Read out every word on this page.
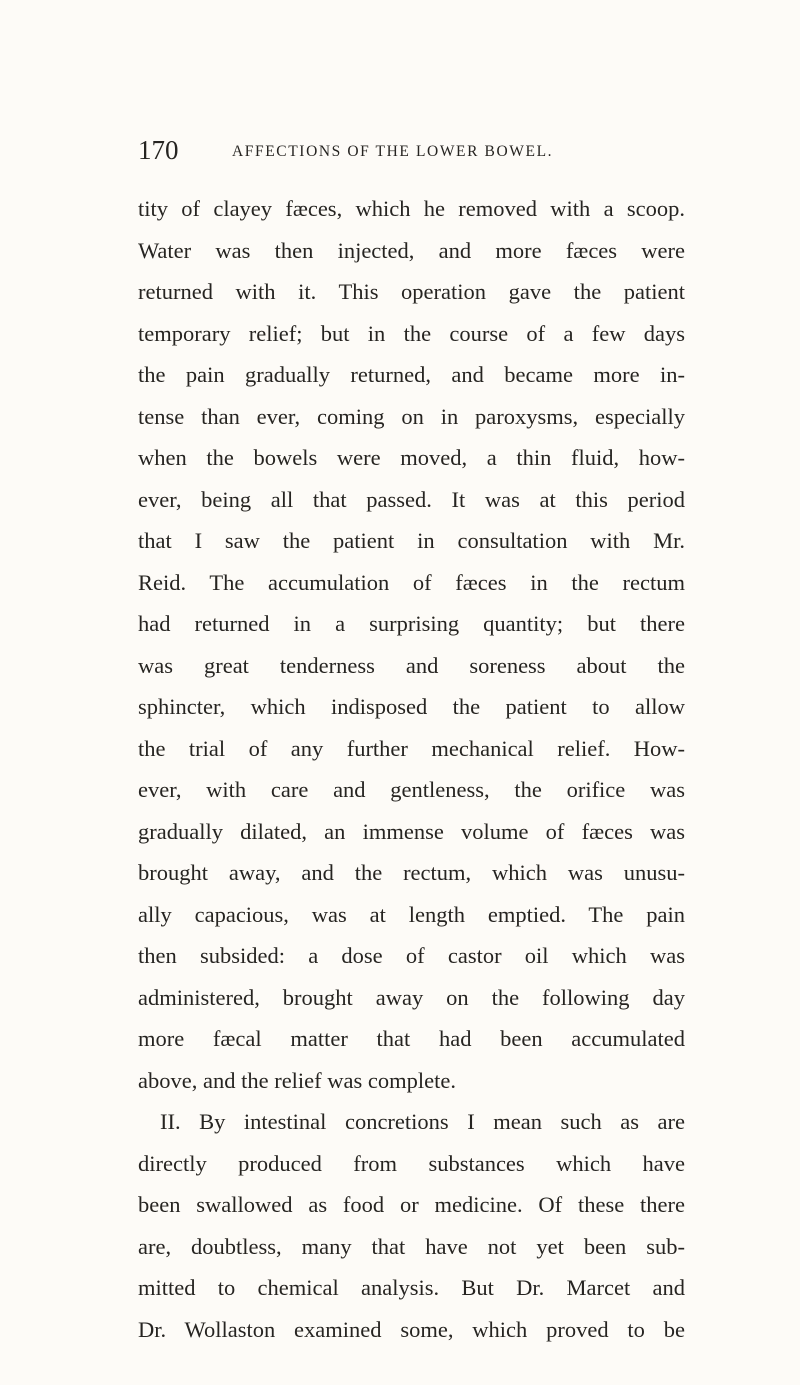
170	AFFECTIONS OF THE LOWER BOWEL.
tity of clayey fæces, which he removed with a scoop.
Water was then injected, and more fæces were
returned with it. This operation gave the patient
temporary relief; but in the course of a few days
the pain gradually returned, and became more in-
tense than ever, coming on in paroxysms, especially
when the bowels were moved, a thin fluid, how-
ever, being all that passed. It was at this period
that I saw the patient in consultation with Mr.
Reid. The accumulation of fæces in the rectum
had returned in a surprising quantity; but there
was great tenderness and soreness about the
sphincter, which indisposed the patient to allow
the trial of any further mechanical relief. How-
ever, with care and gentleness, the orifice was
gradually dilated, an immense volume of fæces was
brought away, and the rectum, which was unusu-
ally capacious, was at length emptied. The pain
then subsided: a dose of castor oil which was
administered, brought away on the following day
more fæcal matter that had been accumulated
above, and the relief was complete.
II. By intestinal concretions I mean such as are
directly produced from substances which have
been swallowed as food or medicine. Of these there
are, doubtless, many that have not yet been sub-
mitted to chemical analysis. But Dr. Marcet and
Dr. Wollaston examined some, which proved to be
